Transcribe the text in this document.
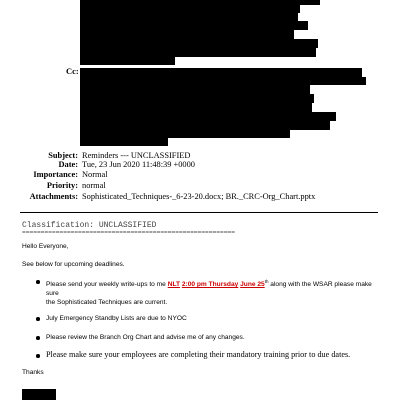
Cc:
Subject: Reminders --- UNCLASSIFIED
Date: Tue, 23 Jun 2020 11:48:39 +0000
Importance: Normal
Priority: normal
Attachments: Sophisticated_Techniques-_6-23-20.docx; BR._CRC-Org_Chart.pptx
Classification: UNCLASSIFIED
=========================================================
Hello Everyone,
See below for upcoming deadlines.
Please send your weekly write-ups to me NLT 2:00 pm Thursday June 25th along with the WSAR please make sure
the Sophisticated Techniques are current.
July Emergency Standby Lists are due to NYOC
Please review the Branch Org Chart and advise me of any changes.
Please make sure your employees are completing their mandatory training prior to due dates.
Thanks
